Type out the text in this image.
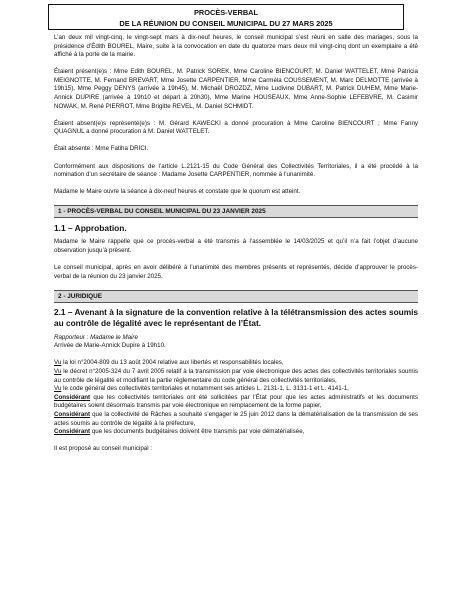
PROCÈS-VERBAL
DE LA RÉUNION DU CONSEIL MUNICIPAL DU 27 MARS 2025

L’an deux mil vingt-cinq, le vingt-sept mars à dix-neuf heures, le conseil municipal s’est réuni en salle des mariages, sous la présidence d’Édith BOUREL, Maire, suite à la convocation en date du quatorze mars deux mil vingt-cinq dont un exemplaire a été affiché à la porte de la mairie.

Étaient présent(e)s : Mme Edith BOUREL, M. Patrick SOREK, Mme Caroline BIENCOURT, M. Daniel WATTELET, Mme Patricia MEIGNOTTE, M. Fernand BREVART, Mme Josette CARPENTIER, Mme Carméla COUSSEMENT, M. Marc DELMOTTE (arrivée à 19h15), Mme Peggy DENYS (arrivée à 19h45), M. Michaël DROZDZ, Mme Ludivine DUBART, M. Patrick DUHEM, Mme Marie-Annick DUPIRE (arrivée à 19h10 et départ à 20h30), Mme Marine HOUSEAUX, Mme Anne-Sophie LEFEBVRE, M. Casimir NOWAK, M. René PIERROT, Mme Brigitte REVEL, M. Daniel SCHMIDT.

Étaient absent(e)s représenté(e)s : M. Gérard KAWECKI a donné procuration à Mme Caroline BIENCOURT ; Mme Fanny QUAGNUL a donné procuration à M. Daniel WATTELET.

Était absente : Mme Fatiha DRICI.

Conformément aux dispositions de l’article L.2121-15 du Code Général des Collectivités Territoriales, il a été procédé à la nomination d’un secrétaire de séance : Madame Josette CARPENTIER, nommée à l’unanimité.

Madame le Maire ouvre la séance à dix-neuf heures et constate que le quorum est atteint.

1 - PROCÈS-VERBAL DU CONSEIL MUNICIPAL DU 23 JANVIER 2025
1.1 – Approbation.

Madame le Maire rappelle que ce procès-verbal a été transmis à l’assemblée le 14/03/2025 et qu’il n’a fait l’objet d’aucune observation jusqu’à présent.

Le conseil municipal, après en avoir délibéré à l’unanimité des membres présents et représentés, décide d’approuver le procès-verbal de la réunion du 23 janvier 2025.

2 - JURIDIQUE
2.1 – Avenant à la signature de la convention relative à la télétransmission des actes soumis au contrôle de légalité avec le représentant de l’État.

Rapporteur : Madame le Maire

Arrivée de Marie-Annick Dupire à 19h10.

Vu la loi n°2004-809 du 13 août 2004 relative aux libertés et responsabilités locales,

Vu le décret n°2005-324 du 7 avril 2005 relatif à la transmission par voie électronique des actes des collectivités territoriales soumis au contrôle de légalité et modifiant la partie réglementaire du code général des collectivités territoriales,

Vu le code général des collectivités territoriales et notamment ses articles L. 2131-1, L. 3131-1 et L. 4141-1,

Considérant que les collectivités territoriales ont été sollicitées par l’État pour que les actes administratifs et les documents budgétaires soient désormais transmis par voie électronique en remplacement de la forme papier,

Considérant que la collectivité de Râches a souhaité s’engager le 25 juin 2012 dans la dématérialisation de la transmission de ses actes soumis au contrôle de légalité à la préfecture,

Considérant que les documents budgétaires doivent être transmis par voie dématérialisée,

Il est proposé au conseil municipal :
